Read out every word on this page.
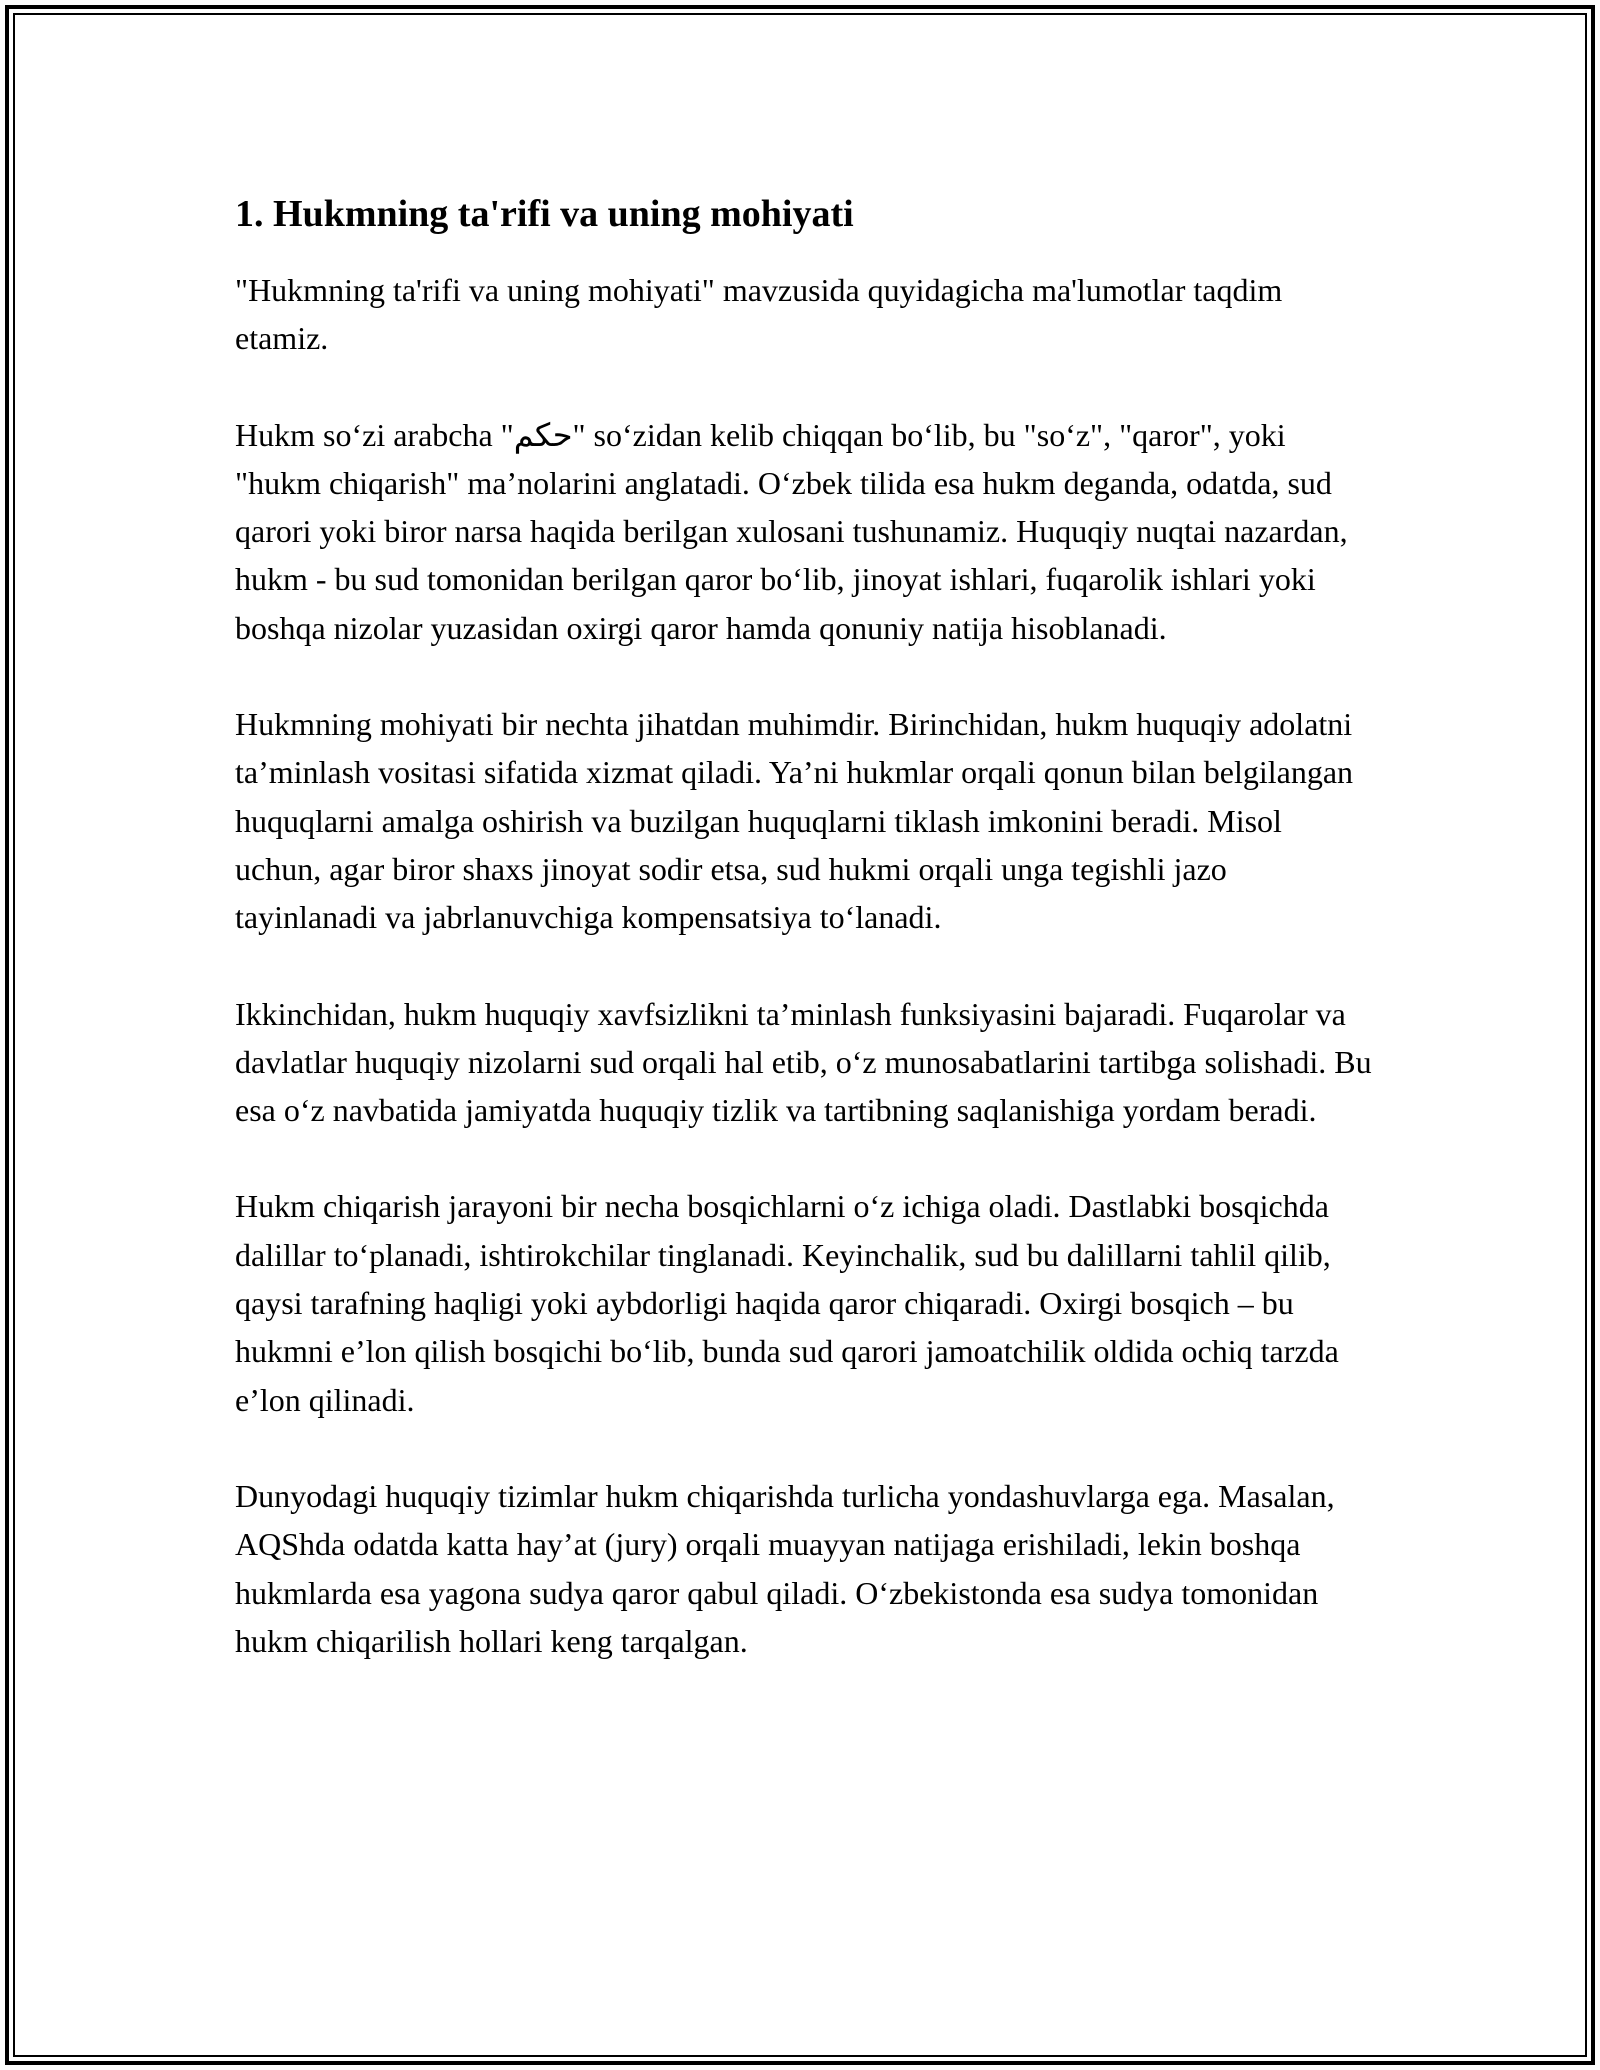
1. Hukmning ta'rifi va uning mohiyati

"Hukmning ta'rifi va uning mohiyati" mavzusida quyidagicha ma'lumotlar taqdim etamiz.

Hukm so‘zi arabcha "حكم" so‘zidan kelib chiqqan bo‘lib, bu "so‘z", "qaror", yoki "hukm chiqarish" ma’nolarini anglatadi. O‘zbek tilida esa hukm deganda, odatda, sud qarori yoki biror narsa haqida berilgan xulosani tushunamiz. Huquqiy nuqtai nazardan, hukm - bu sud tomonidan berilgan qaror bo‘lib, jinoyat ishlari, fuqarolik ishlari yoki boshqa nizolar yuzasidan oxirgi qaror hamda qonuniy natija hisoblanadi.

Hukmning mohiyati bir nechta jihatdan muhimdir. Birinchidan, hukm huquqiy adolatni ta’minlash vositasi sifatida xizmat qiladi. Ya’ni hukmlar orqali qonun bilan belgilangan huquqlarni amalga oshirish va buzilgan huquqlarni tiklash imkonini beradi. Misol uchun, agar biror shaxs jinoyat sodir etsa, sud hukmi orqali unga tegishli jazo tayinlanadi va jabrlanuvchiga kompensatsiya to‘lanadi.

Ikkinchidan, hukm huquqiy xavfsizlikni ta’minlash funksiyasini bajaradi. Fuqarolar va davlatlar huquqiy nizolarni sud orqali hal etib, o‘z munosabatlarini tartibga solishadi. Bu esa o‘z navbatida jamiyatda huquqiy tizlik va tartibning saqlanishiga yordam beradi.

Hukm chiqarish jarayoni bir necha bosqichlarni o‘z ichiga oladi. Dastlabki bosqichda dalillar to‘planadi, ishtirokchilar tinglanadi. Keyinchalik, sud bu dalillarni tahlil qilib, qaysi tarafning haqligi yoki aybdorligi haqida qaror chiqaradi. Oxirgi bosqich – bu hukmni e’lon qilish bosqichi bo‘lib, bunda sud qarori jamoatchilik oldida ochiq tarzda e’lon qilinadi.

Dunyodagi huquqiy tizimlar hukm chiqarishda turlicha yondashuvlarga ega. Masalan, AQShda odatda katta hay’at (jury) orqali muayyan natijaga erishiladi, lekin boshqa hukmlarda esa yagona sudya qaror qabul qiladi. O‘zbekistonda esa sudya tomonidan hukm chiqarilish hollari keng tarqalgan.
